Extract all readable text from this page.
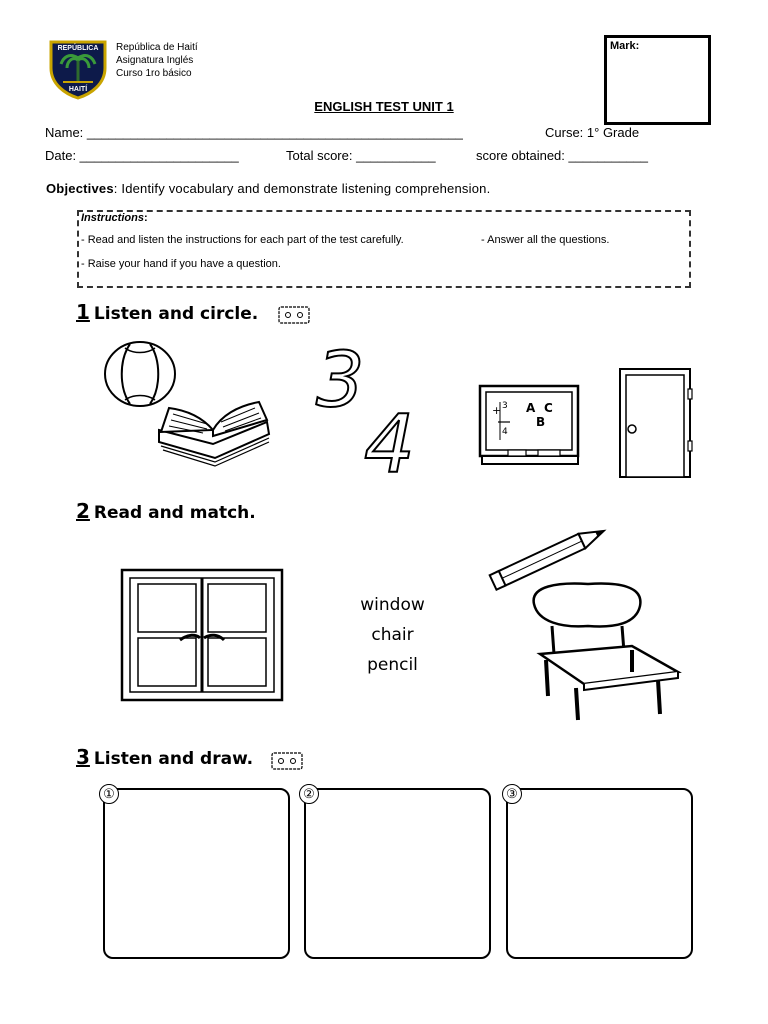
REPÚBLICA
HAITÍ
República de Haití
Asignatura Inglés
Curso 1ro básico
Mark:
ENGLISH TEST UNIT 1
Name: ____________________________________________________	Curse: 1° Grade
Date: ______________________	Total score: ___________	score obtained: ___________
Objectives: Identify vocabulary and demonstrate listening comprehension.
Instructions:
- Read and listen the instructions for each part of the test carefully.	- Answer all the questions.
- Raise your hand if you have a question.
1 Listen and circle.
3
4	+ 3
4
A C
B
2 Read and match.
window
chair
pencil
3 Listen and draw.
①	②	③
